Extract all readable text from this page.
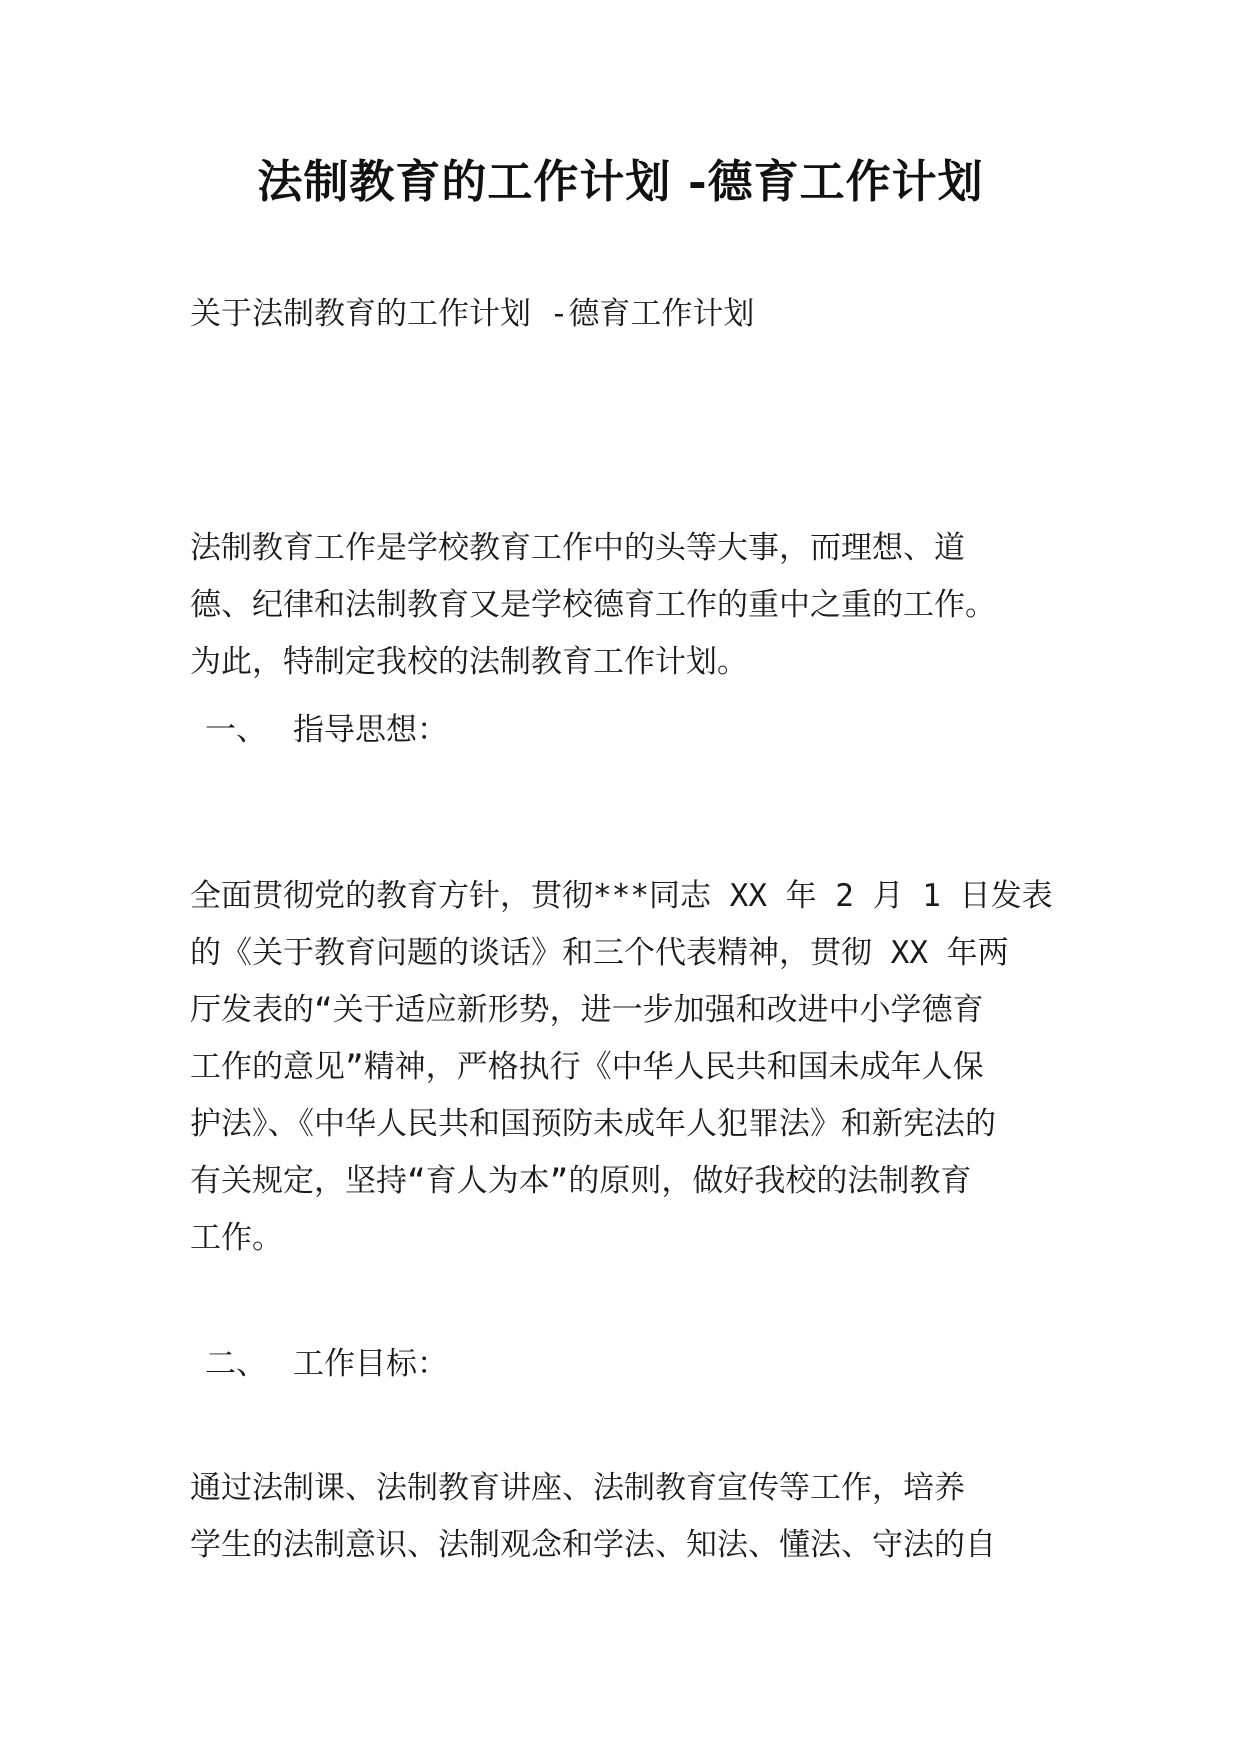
法制教育的工作计划 -德育工作计划

关于法制教育的工作计划 -德育工作计划

法制教育工作是学校教育工作中的头等大事，而理想、道
德、纪律和法制教育又是学校德育工作的重中之重的工作。
为此，特制定我校的法制教育工作计划。

一、 指导思想：

全面贯彻党的教育方针，贯彻***同志 XX 年 2 月 1 日发表
的《关于教育问题的谈话》和三个代表精神，贯彻 XX 年两
厅发表的“关于适应新形势，进一步加强和改进中小学德育
工作的意见”精神，严格执行《中华人民共和国未成年人保
护法》、《中华人民共和国预防未成年人犯罪法》和新宪法的
有关规定，坚持“育人为本”的原则，做好我校的法制教育
工作。

二、 工作目标：

通过法制课、法制教育讲座、法制教育宣传等工作，培养
学生的法制意识、法制观念和学法、知法、懂法、守法的自
